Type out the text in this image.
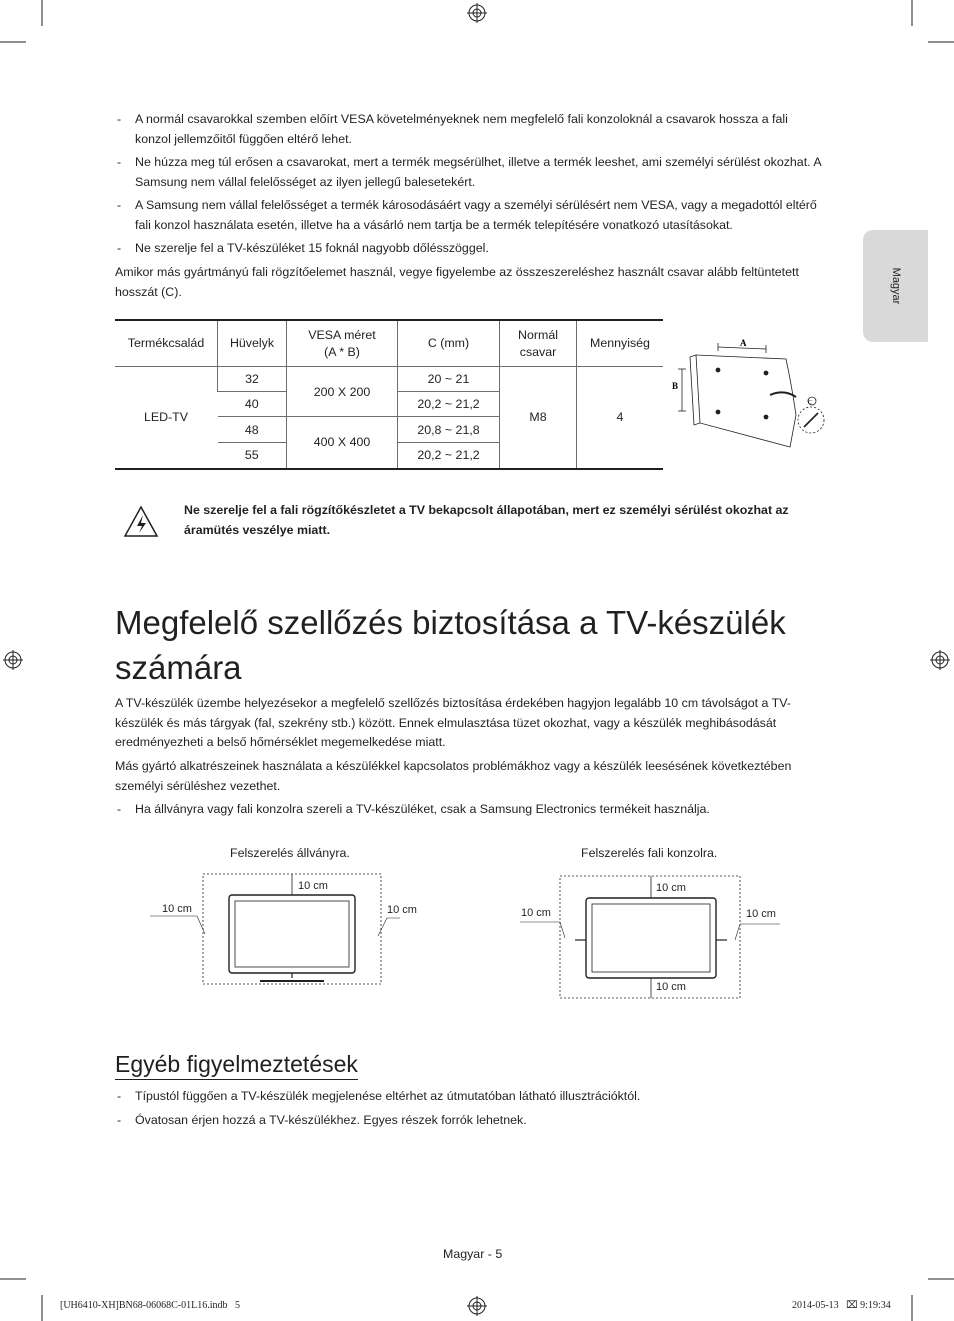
Magyar
- A normál csavarokkal szemben előírt VESA követelményeknek nem megfelelő fali konzoloknál a csavarok hossza a fali konzol jellemzőitől függően eltérő lehet.
- Ne húzza meg túl erősen a csavarokat, mert a termék megsérülhet, illetve a termék leeshet, ami személyi sérülést okozhat. A Samsung nem vállal felelősséget az ilyen jellegű balesetekért.
- A Samsung nem vállal felelősséget a termék károsodásáért vagy a személyi sérülésért nem VESA, vagy a megadottól eltérő fali konzol használata esetén, illetve ha a vásárló nem tartja be a termék telepítésére vonatkozó utasításokat.
- Ne szerelje fel a TV-készüléket 15 foknál nagyobb dőlésszöggel.
Amikor más gyártmányú fali rögzítőelemet használ, vegye figyelembe az összeszereléshez használt csavar alább feltüntetett hosszát (C).
Termékcsalád	Hüvelyk	VESA méret (A * B)	C (mm)	Normál csavar	Mennyiség
LED-TV	32	200 X 200	20 ~ 21	M8	4
	40		20,2 ~ 21,2		
	48	400 X 400	20,8 ~ 21,8		
	55		20,2 ~ 21,2		
A
B
C
Ne szerelje fel a fali rögzítőkészletet a TV bekapcsolt állapotában, mert ez személyi sérülést okozhat az áramütés veszélye miatt.
Megfelelő szellőzés biztosítása a TV-készülék számára
A TV-készülék üzembe helyezésekor a megfelelő szellőzés biztosítása érdekében hagyjon legalább 10 cm távolságot a TV-készülék és más tárgyak (fal, szekrény stb.) között. Ennek elmulasztása tüzet okozhat, vagy a készülék meghibásodását eredményezheti a belső hőmérséklet megemelkedése miatt.
Más gyártó alkatrészeinek használata a készülékkel kapcsolatos problémákhoz vagy a készülék leesésének következtében személyi sérüléshez vezethet.
- Ha állványra vagy fali konzolra szereli a TV-készüléket, csak a Samsung Electronics termékeit használja.
Felszerelés állványra.
10 cm
10 cm	10 cm
Felszerelés fali konzolra.
10 cm
10 cm	10 cm
10 cm
Egyéb figyelmeztetések
- Típustól függően a TV-készülék megjelenése eltérhet az útmutatóban látható illusztrációktól.
- Óvatosan érjen hozzá a TV-készülékhez. Egyes részek forrók lehetnek.
Magyar - 5
[UH6410-XH]BN68-06068C-01L16.indb   5	2014-05-13   ⌧ 9:19:34
